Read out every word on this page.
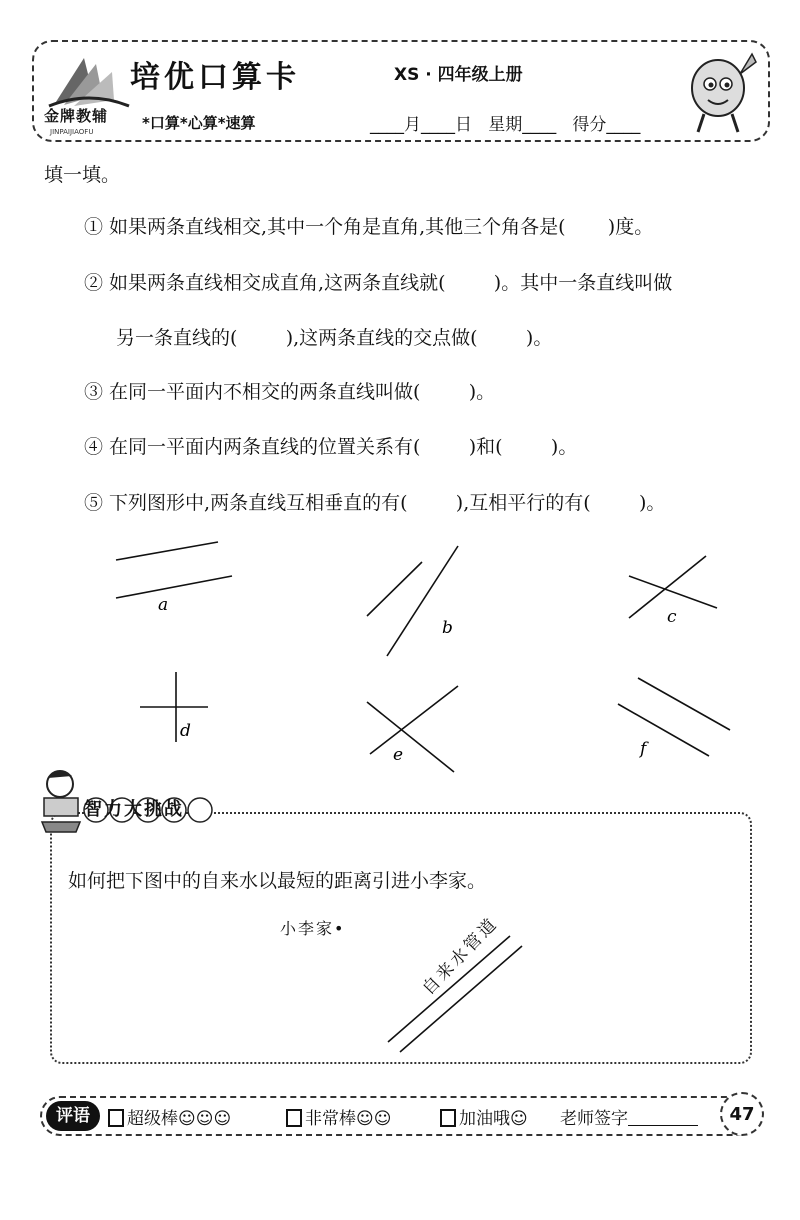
金牌教辅
JINPAIJIAOFU
培优口算卡	XS · 四年级上册
*口算*心算*速算	____月____日   星期____   得分____
填一填。
① 如果两条直线相交,其中一个角是直角,其他三个角各是(       )度。
② 如果两条直线相交成直角,这两条直线就(        )。其中一条直线叫做
另一条直线的(        ),这两条直线的交点做(        )。
③ 在同一平面内不相交的两条直线叫做(        )。
④ 在同一平面内两条直线的位置关系有(        )和(        )。
⑤ 下列图形中,两条直线互相垂直的有(        ),互相平行的有(        )。
a
b
c
d
e	f
智力大挑战
如何把下图中的自来水以最短的距离引进小李家。
小李家•	自来水管道
评语	超级棒☺☺☺	非常棒☺☺	加油哦☺ 老师签字	47
